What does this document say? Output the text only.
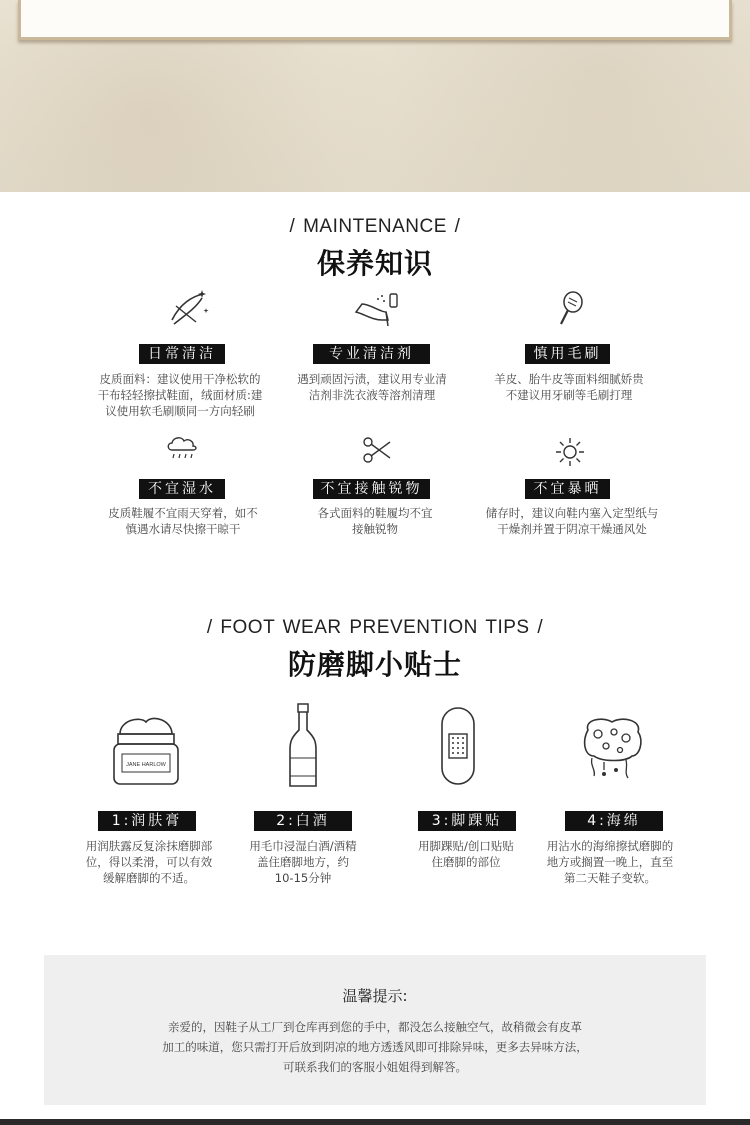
/ MAINTENANCE /
保养知识
日常清洁
皮质面料：建议使用干净松软的
干布轻轻擦拭鞋面，绒面材质:建
议使用软毛刷顺同一方向轻刷
专业清洁剂
遇到顽固污渍，建议用专业清
洁剂非洗衣液等溶剂清理
慎用毛刷
羊皮、胎牛皮等面料细腻娇贵
不建议用牙刷等毛刷打理
不宜湿水
皮质鞋履不宜雨天穿着，如不
慎遇水请尽快擦干晾干
不宜接触锐物
各式面料的鞋履均不宜
接触锐物
不宜暴晒
储存时，建议向鞋内塞入定型纸与
干燥剂并置于阴凉干燥通风处
/ FOOT WEAR PREVENTION TIPS /
防磨脚小贴士
JANE HARLOW
1:润肤膏
用润肤露反复涂抹磨脚部
位，得以柔滑，可以有效
缓解磨脚的不适。
2:白酒
用毛巾浸湿白酒/酒精
盖住磨脚地方，约
10-15分钟
3:脚踝贴
用脚踝贴/创口贴贴
住磨脚的部位
4:海绵
用沾水的海绵擦拭磨脚的
地方或搁置一晚上，直至
第二天鞋子变软。
温馨提示:
亲爱的，因鞋子从工厂到仓库再到您的手中，都没怎么接触空气，故稍微会有皮革
加工的味道，您只需打开后放到阴凉的地方透透风即可排除异味，更多去异味方法，
可联系我们的客服小姐姐得到解答。
